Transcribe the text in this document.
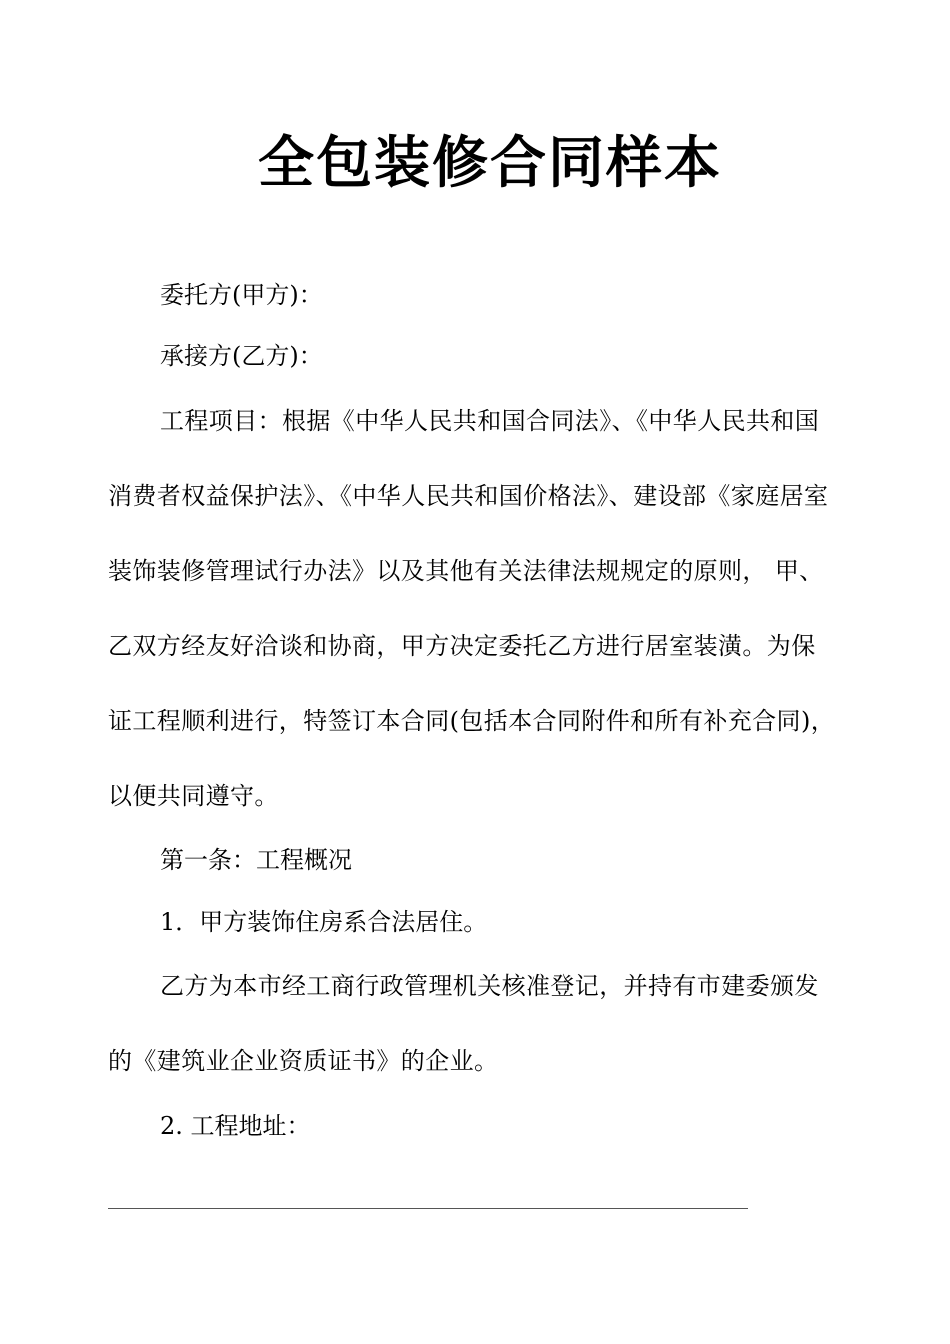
全包装修合同样本

委托方(甲方)：

承接方(乙方)：

工程项目：根据《中华人民共和国合同法》、《中华人民共和国消费者权益保护法》、《中华人民共和国价格法》、建设部《家庭居室装饰装修管理试行办法》以及其他有关法律法规规定的原则， 甲、乙双方经友好洽谈和协商，甲方决定委托乙方进行居室装潢。为保证工程顺利进行，特签订本合同(包括本合同附件和所有补充合同)，以便共同遵守。

第一条：工程概况

1．甲方装饰住房系合法居住。

乙方为本市经工商行政管理机关核准登记，并持有市建委颁发的《建筑业企业资质证书》的企业。

2. 工程地址：
